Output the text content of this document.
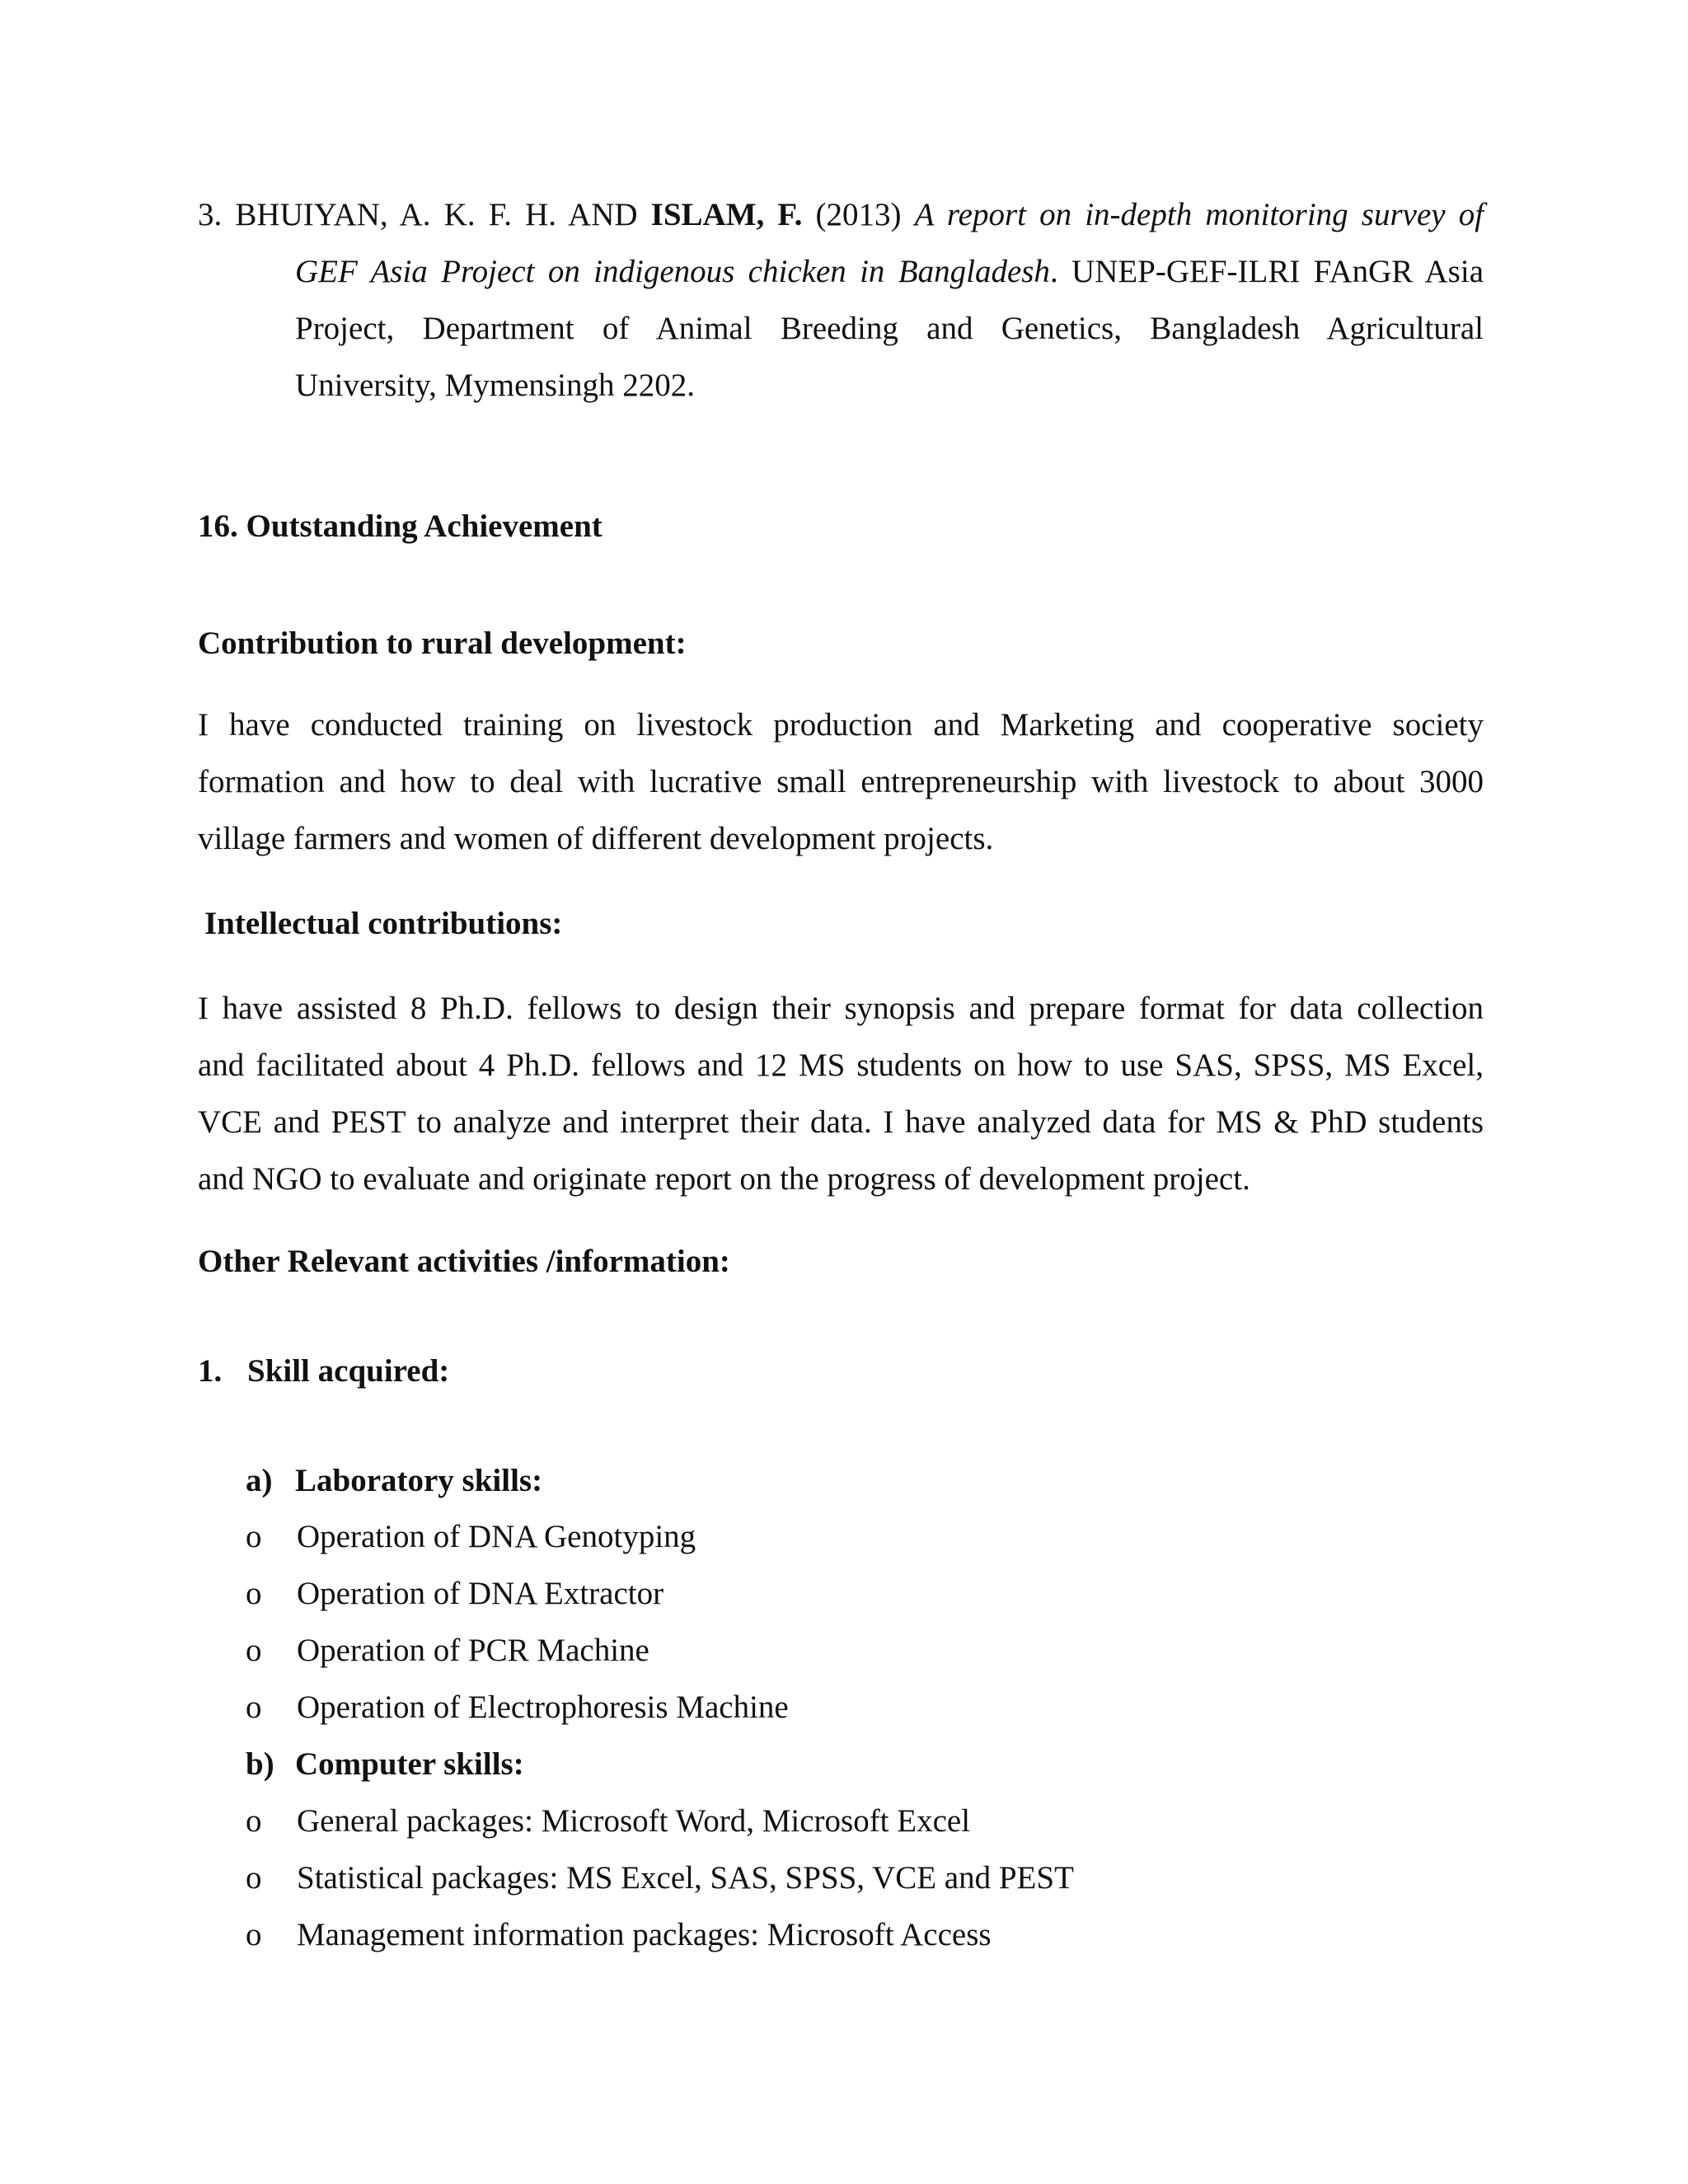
3. BHUIYAN, A. K. F. H. AND ISLAM, F. (2013) A report on in-depth monitoring survey of
GEF Asia Project on indigenous chicken in Bangladesh. UNEP-GEF-ILRI FAnGR Asia
Project, Department of Animal Breeding and Genetics, Bangladesh Agricultural
University, Mymensingh 2202.
16. Outstanding Achievement
Contribution to rural development:
I have conducted training on livestock production and Marketing and cooperative society
formation and how to deal with lucrative small entrepreneurship with livestock to about 3000
village farmers and women of different development projects.
Intellectual contributions:
I have assisted 8 Ph.D. fellows to design their synopsis and prepare format for data collection
and facilitated about 4 Ph.D. fellows and 12 MS students on how to use SAS, SPSS, MS Excel,
VCE and PEST to analyze and interpret their data. I have analyzed data for MS & PhD students
and NGO to evaluate and originate report on the progress of development project.
Other Relevant activities /information:
1. Skill acquired:
a) Laboratory skills:
o Operation of DNA Genotyping
o Operation of DNA Extractor
o Operation of PCR Machine
o Operation of Electrophoresis Machine
b) Computer skills:
o General packages: Microsoft Word, Microsoft Excel
o Statistical packages: MS Excel, SAS, SPSS, VCE and PEST
o Management information packages: Microsoft Access
